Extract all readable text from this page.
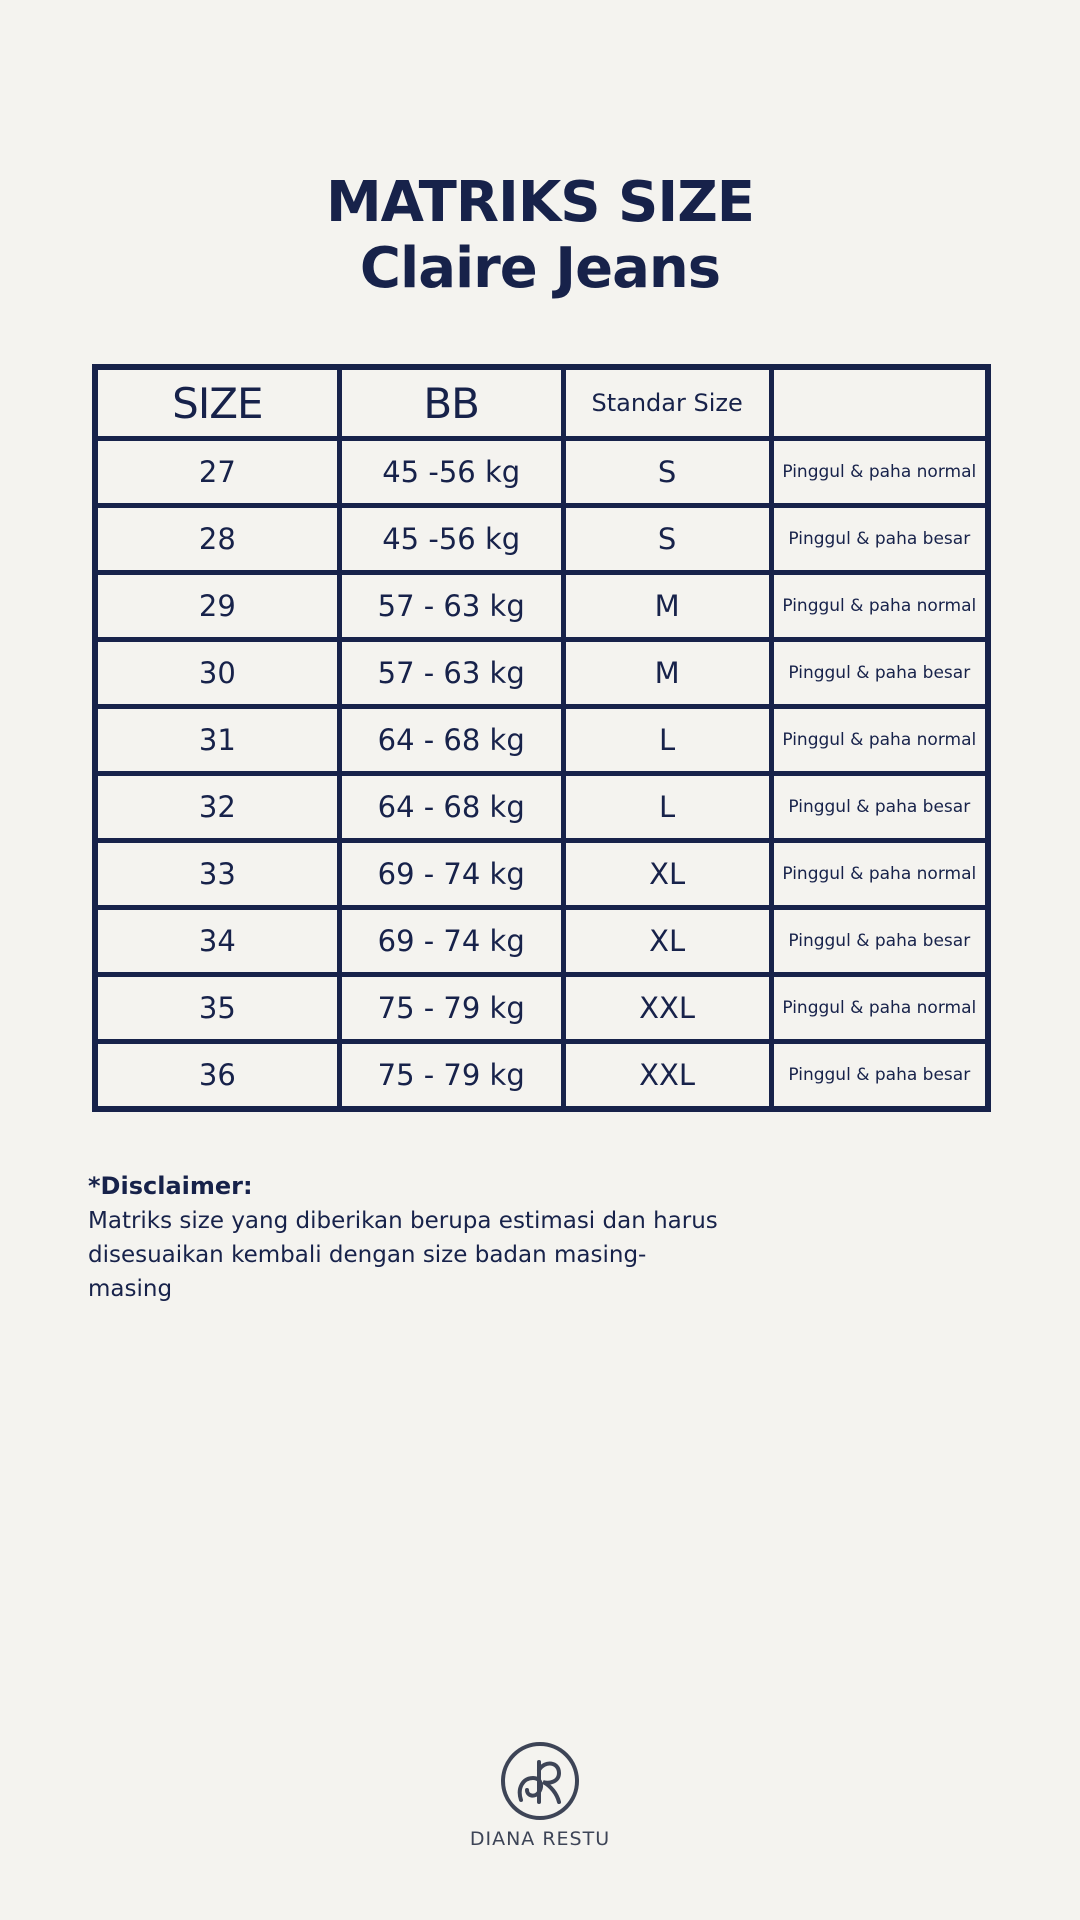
MATRIKS SIZE
Claire Jeans
SIZE	BB	Standar Size	
27	45 -56 kg	S	Pinggul & paha normal
28	45 -56 kg	S	Pinggul & paha besar
29	57 - 63 kg	M	Pinggul & paha normal
30	57 - 63 kg	M	Pinggul & paha besar
31	64 - 68 kg	L	Pinggul & paha normal
32	64 - 68 kg	L	Pinggul & paha besar
33	69 - 74 kg	XL	Pinggul & paha normal
34	69 - 74 kg	XL	Pinggul & paha besar
35	75 - 79 kg	XXL	Pinggul & paha normal
36	75 - 79 kg	XXL	Pinggul & paha besar
*Disclaimer:
Matriks size yang diberikan berupa estimasi dan harus disesuaikan kembali dengan size badan masing-masing
DIANA RESTU
